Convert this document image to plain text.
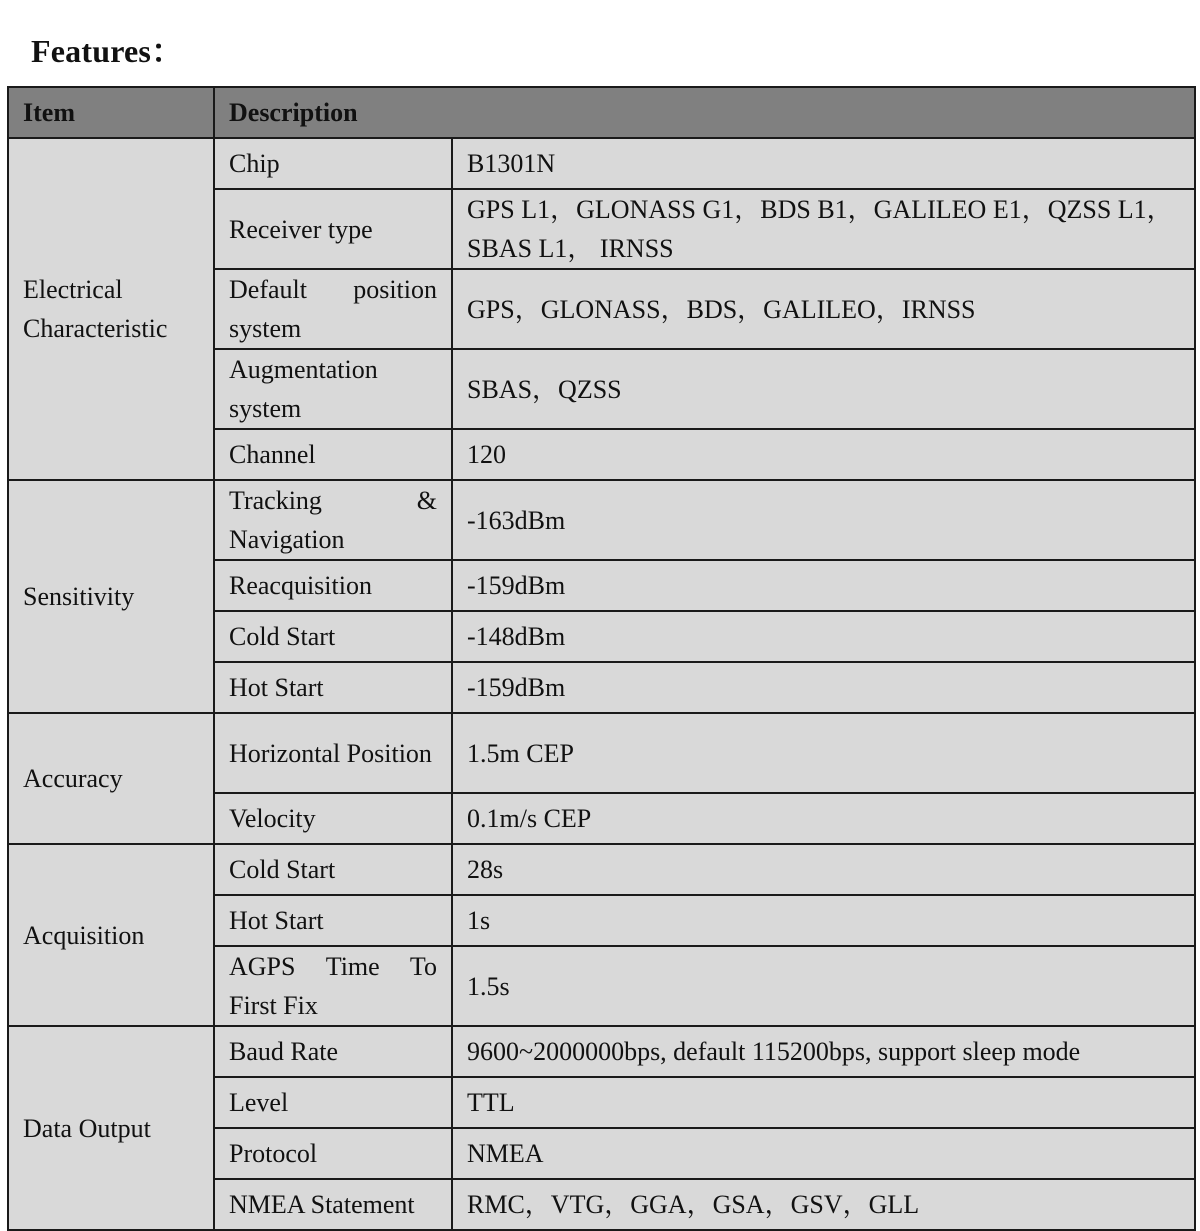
Features：
Item	Description	
Electrical Characteristic	Chip	B1301N
	Receiver type	GPS L1，GLONASS G1，BDS B1，GALILEO E1，QZSS L1，SBAS L1， IRNSS
	Default position system	GPS，GLONASS，BDS，GALILEO，IRNSS
	Augmentation system	SBAS，QZSS
	Channel	120
Sensitivity	Tracking & Navigation	-163dBm
	Reacquisition	-159dBm
	Cold Start	-148dBm
	Hot Start	-159dBm
Accuracy	Horizontal Position	1.5m CEP
	Velocity	0.1m/s CEP
Acquisition	Cold Start	28s
	Hot Start	1s
	AGPS Time To First Fix	1.5s
Data Output	Baud Rate	9600~2000000bps, default 115200bps, support sleep mode
	Level	TTL
	Protocol	NMEA
	NMEA Statement	RMC，VTG，GGA，GSA，GSV，GLL
